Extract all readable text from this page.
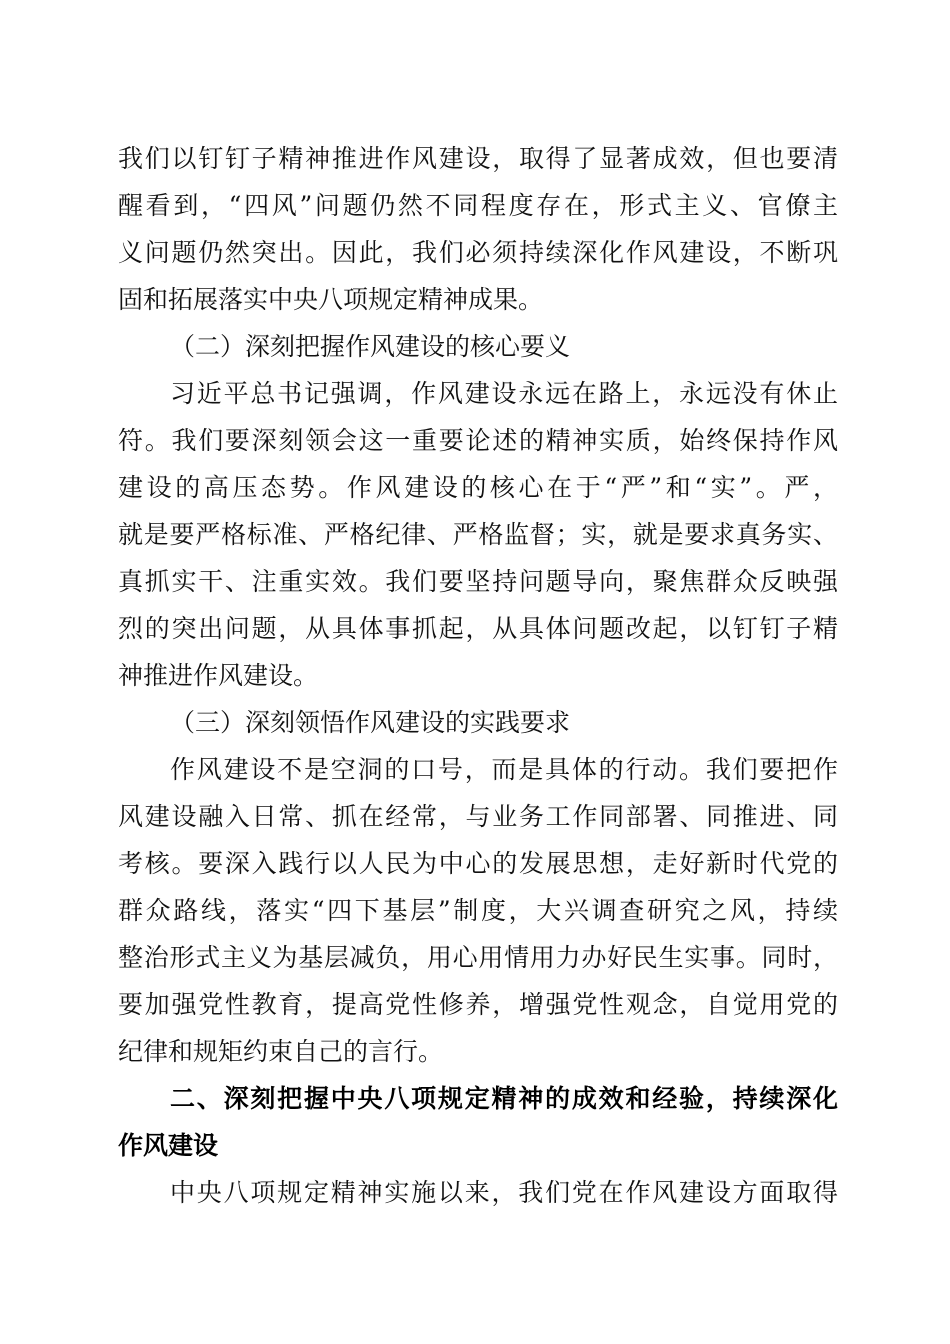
我们以钉钉子精神推进作风建设，取得了显著成效，但也要清
醒看到，“四风”问题仍然不同程度存在，形式主义、官僚主
义问题仍然突出。因此，我们必须持续深化作风建设，不断巩
固和拓展落实中央八项规定精神成果。
（二）深刻把握作风建设的核心要义
习近平总书记强调，作风建设永远在路上，永远没有休止
符。我们要深刻领会这一重要论述的精神实质，始终保持作风
建设的高压态势。作风建设的核心在于“严”和“实”。严，
就是要严格标准、严格纪律、严格监督；实，就是要求真务实、
真抓实干、注重实效。我们要坚持问题导向，聚焦群众反映强
烈的突出问题，从具体事抓起，从具体问题改起，以钉钉子精
神推进作风建设。
（三）深刻领悟作风建设的实践要求
作风建设不是空洞的口号，而是具体的行动。我们要把作
风建设融入日常、抓在经常，与业务工作同部署、同推进、同
考核。要深入践行以人民为中心的发展思想，走好新时代党的
群众路线，落实“四下基层”制度，大兴调查研究之风，持续
整治形式主义为基层减负，用心用情用力办好民生实事。同时，
要加强党性教育，提高党性修养，增强党性观念，自觉用党的
纪律和规矩约束自己的言行。
二、深刻把握中央八项规定精神的成效和经验，持续深化
作风建设
中央八项规定精神实施以来，我们党在作风建设方面取得
